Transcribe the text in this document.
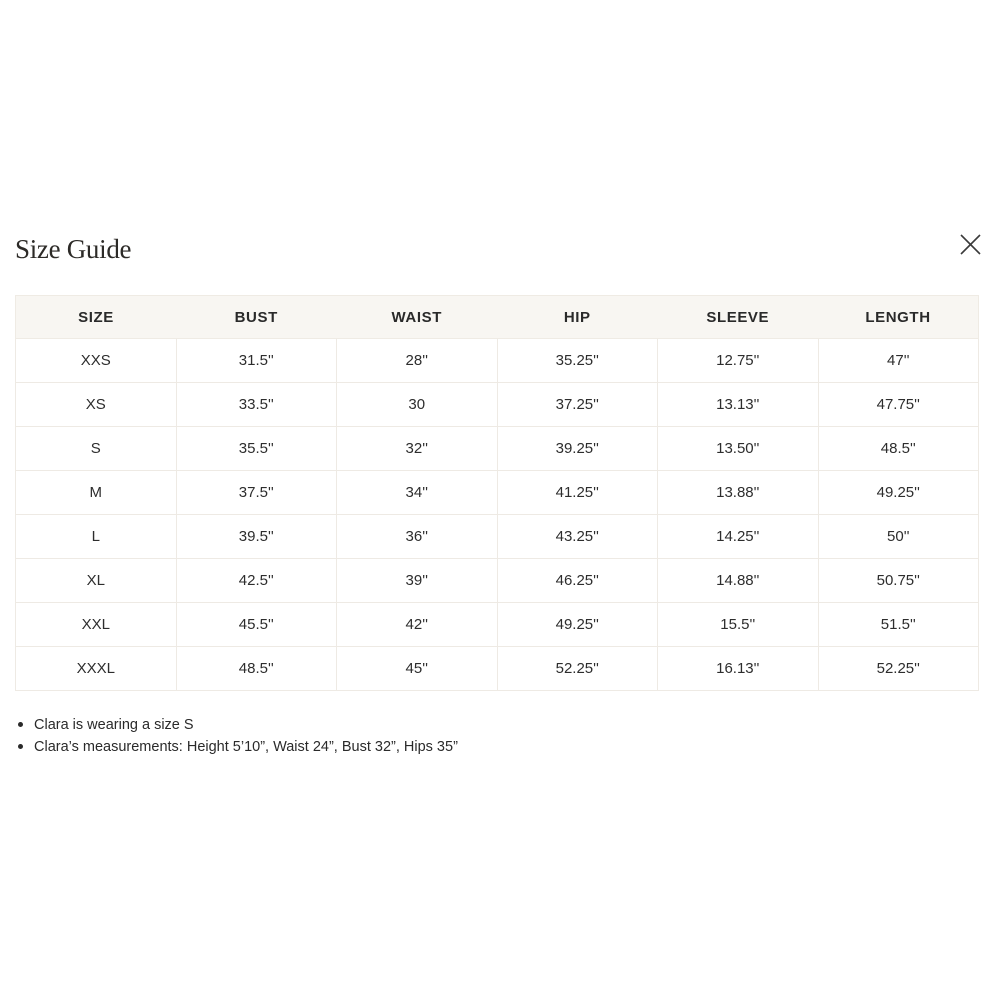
Size Guide
SIZE	BUST	WAIST	HIP	SLEEVE	LENGTH
XXS	31.5''	28''	35.25''	12.75''	47''
XS	33.5''	30	37.25''	13.13''	47.75''
S	35.5''	32''	39.25''	13.50''	48.5''
M	37.5''	34''	41.25''	13.88''	49.25''
L	39.5''	36''	43.25''	14.25''	50''
XL	42.5''	39''	46.25''	14.88''	50.75''
XXL	45.5''	42''	49.25''	15.5''	51.5''
XXXL	48.5''	45''	52.25''	16.13''	52.25''
Clara is wearing a size S
Clara’s measurements: Height 5’10”, Waist 24”, Bust 32”, Hips 35”
